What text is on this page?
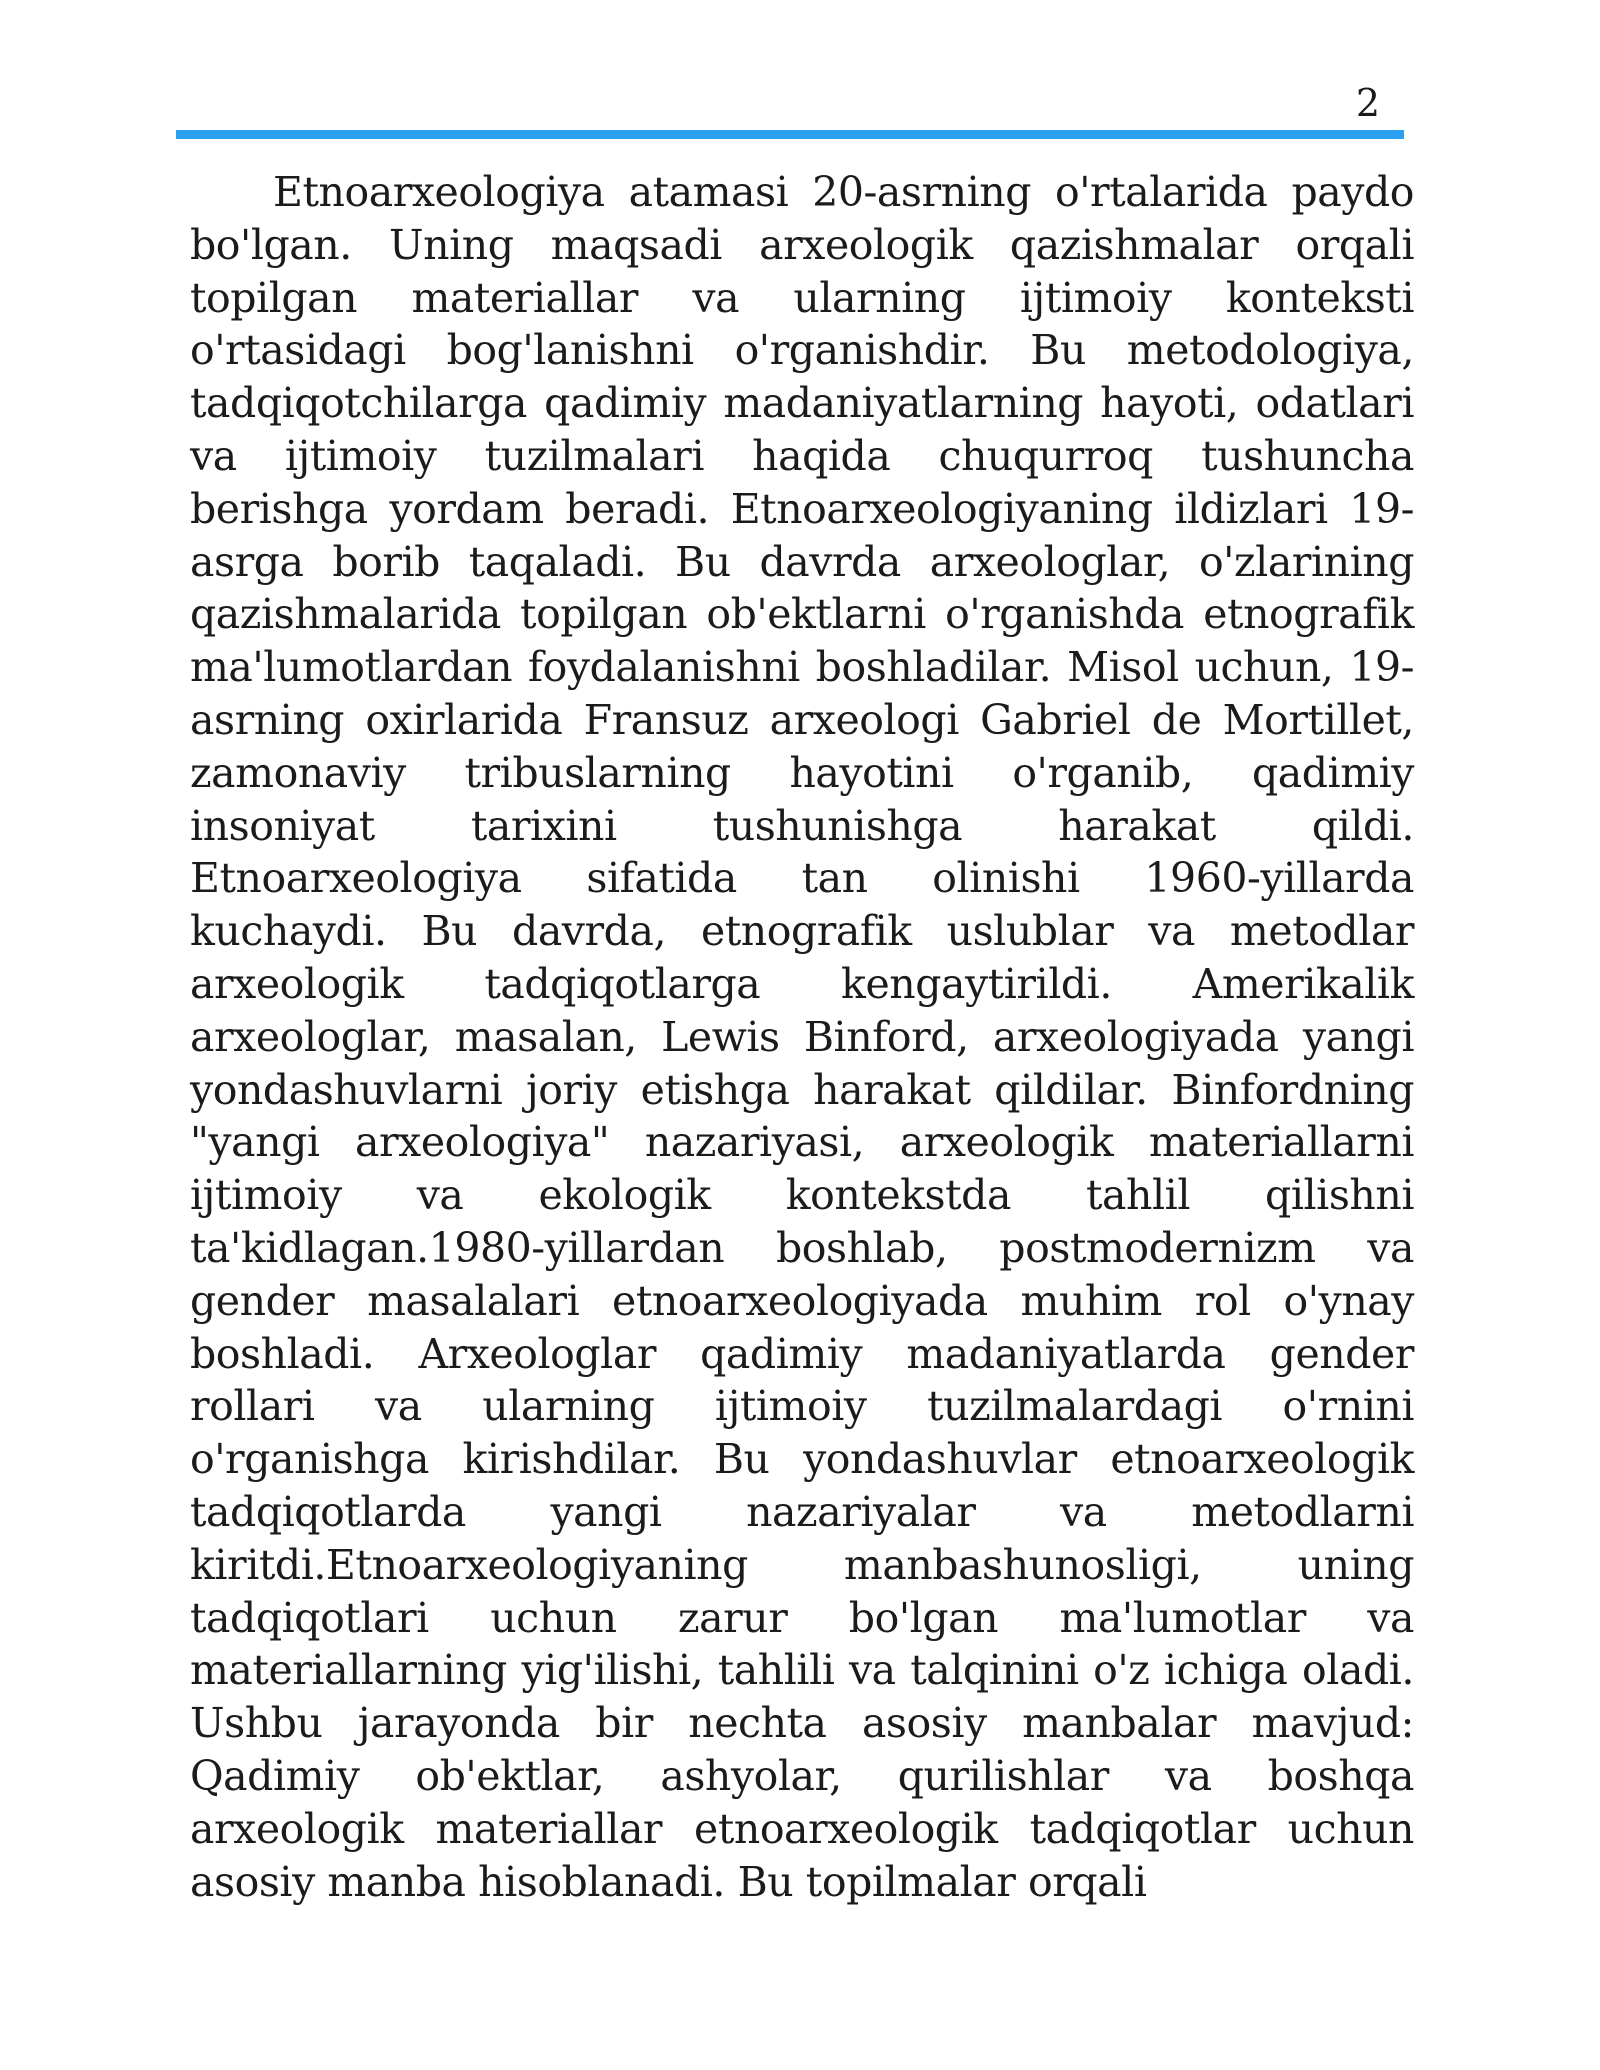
2

Etnoarxeologiya atamasi 20-asrning o'rtalarida paydo bo'lgan. Uning maqsadi arxeologik qazishmalar orqali topilgan materiallar va ularning ijtimoiy konteksti o'rtasidagi bog'lanishni o'rganishdir. Bu metodologiya, tadqiqotchilarga qadimiy madaniyatlarning hayoti, odatlari va ijtimoiy tuzilmalari haqida chuqurroq tushuncha berishga yordam beradi. Etnoarxeologiyaning ildizlari 19-asrga borib taqaladi. Bu davrda arxeologlar, o'zlarining qazishmalarida topilgan ob'ektlarni o'rganishda etnografik ma'lumotlardan foydalanishni boshladilar. Misol uchun, 19-asrning oxirlarida Fransuz arxeologi Gabriel de Mortillet, zamonaviy tribuslarning hayotini o'rganib, qadimiy insoniyat tarixini tushunishga harakat qildi. Etnoarxeologiya sifatida tan olinishi 1960-yillarda kuchaydi. Bu davrda, etnografik uslublar va metodlar arxeologik tadqiqotlarga kengaytirildi. Amerikalik arxeologlar, masalan, Lewis Binford, arxeologiyada yangi yondashuvlarni joriy etishga harakat qildilar. Binfordning "yangi arxeologiya" nazariyasi, arxeologik materiallarni ijtimoiy va ekologik kontekstda tahlil qilishni ta'kidlagan.1980-yillardan boshlab, postmodernizm va gender masalalari etnoarxeologiyada muhim rol o'ynay boshladi. Arxeologlar qadimiy madaniyatlarda gender rollari va ularning ijtimoiy tuzilmalardagi o'rnini o'rganishga kirishdilar. Bu yondashuvlar etnoarxeologik tadqiqotlarda yangi nazariyalar va metodlarni kiritdi.Etnoarxeologiyaning manbashunosligi, uning tadqiqotlari uchun zarur bo'lgan ma'lumotlar va materiallarning yig'ilishi, tahlili va talqinini o'z ichiga oladi. Ushbu jarayonda bir nechta asosiy manbalar mavjud: Qadimiy ob'ektlar, ashyolar, qurilishlar va boshqa arxeologik materiallar etnoarxeologik tadqiqotlar uchun asosiy manba hisoblanadi. Bu topilmalar orqali
